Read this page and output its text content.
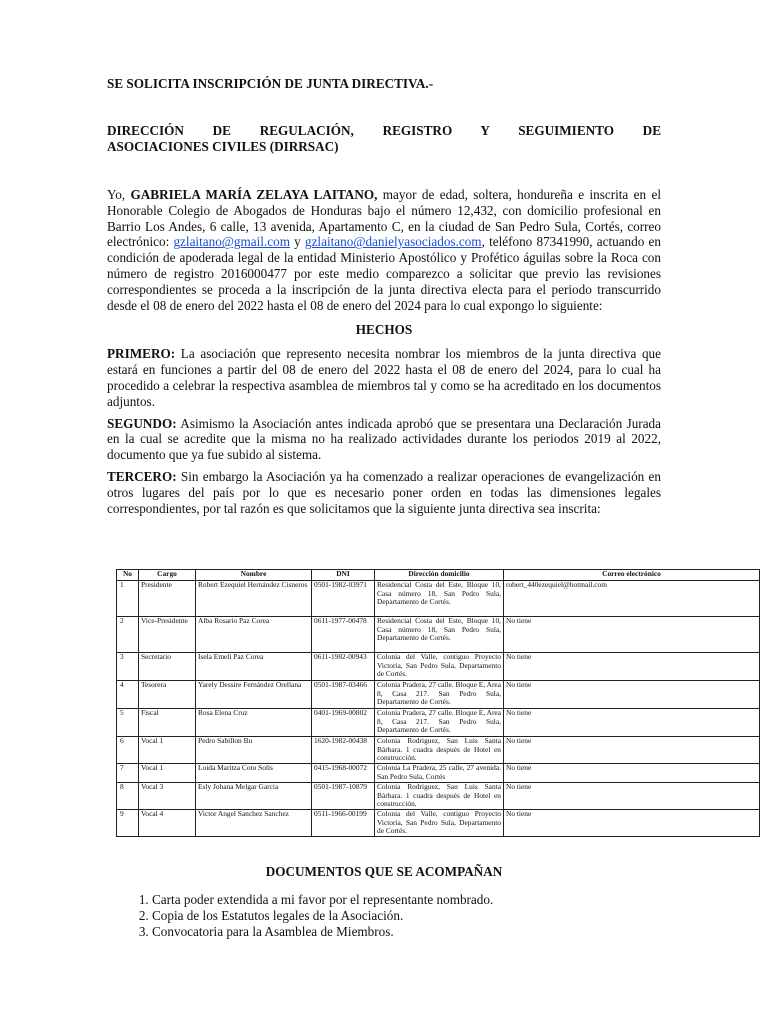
SE SOLICITA INSCRIPCIÓN DE JUNTA DIRECTIVA.-

DIRECCIÓN DE REGULACIÓN, REGISTRO Y SEGUIMIENTO DE

ASOCIACIONES CIVILES (DIRRSAC)

Yo, GABRIELA MARÍA ZELAYA LAITANO, mayor de edad, soltera, hondureña e inscrita en el Honorable Colegio de Abogados de Honduras bajo el número 12,432, con domicilio profesional en Barrio Los Andes, 6 calle, 13 avenida, Apartamento C, en la ciudad de San Pedro Sula, Cortés, correo electrónico: gzlaitano@gmail.com y gzlaitano@danielyasociados.com, teléfono 87341990, actuando en condición de apoderada legal de la entidad Ministerio Apostólico y Profético águilas sobre la Roca con número de registro 2016000477 por este medio comparezco a solicitar que previo las revisiones correspondientes se proceda a la inscripción de la junta directiva electa para el periodo transcurrido desde el 08 de enero del 2022 hasta el 08 de enero del 2024 para lo cual expongo lo siguiente:

HECHOS

PRIMERO: La asociación que represento necesita nombrar los miembros de la junta directiva que estará en funciones a partir del 08 de enero del 2022 hasta el 08 de enero del 2024, para lo cual ha procedido a celebrar la respectiva asamblea de miembros tal y como se ha acreditado en los documentos adjuntos.

SEGUNDO: Asimismo la Asociación antes indicada aprobó que se presentara una Declaración Jurada en la cual se acredite que la misma no ha realizado actividades durante los periodos 2019 al 2022, documento que ya fue subido al sistema.

TERCERO: Sin embargo la Asociación ya ha comenzado a realizar operaciones de evangelización en otros lugares del país por lo que es necesario poner orden en todas las dimensiones legales correspondientes, por tal razón es que solicitamos que la siguiente junta directiva sea inscrita:

No	Cargo	Nombre	DNI	Dirección domicilio	Correo electrónico
1	Presidente	Robert Ezequiel Hernández Cisneros	0501-1982-03971	Residencial Costa del Este, Bloque 10, Casa número 18, San Pedro Sula, Departamento de Cortés.	robert_440ezequiel@hotmail.com
2	Vice-Presidente	Alba Rosario Paz Corea	0611-1977-00478	Residencial Costa del Este, Bloque 10, Casa número 18, San Pedro Sula, Departamento de Cortés.	No tiene
3	Secretario	Isela Emeli Paz Corea	0611-1982-00943	Colonia del Valle, contiguo Proyecto Victoria, San Pedro Sula, Departamento de Cortés.	No tiene
4	Tesorera	Yarely Dessire Fernández Orellana	0501-1987-03466	Colonia Pradera, 27 calle. Bloque E, Area 8, Casa 217. San Pedro Sula, Departamento de Cortés.	No tiene
5	Fiscal	Rosa Elena Cruz	0401-1969-00802	Colonia Pradera, 27 calle. Bloque E, Area 8, Casa 217. San Pedro Sula, Departamento de Cortés.	No tiene
6	Vocal 1	Pedro Sabillon Bu	1620-1982-00438	Colonia Rodriguez, San Luis Santa Bárbara. 1 cuadra después de Hotel en construcción.	No tiene
7	Vocal 1	Loida Maritza Coto Solis	0415-1968-00072	Colonia La Pradera, 25 calle, 27 avenida. San Pedro Sula, Cortés	No tiene
8	Vocal 3	Esly Johana Melgar Garcia	0501-1987-10879	Colonia Rodriguez, San Luis Santa Bárbara. 1 cuadra después de Hotel en construcción.	No tiene
9	Vocal 4	Victor Angel Sanchez Sanchez	0511-1966-00199	Colonia del Valle, contiguo Proyecto Victoria, San Pedro Sula, Departamento de Cortés.	No tiene

DOCUMENTOS QUE SE ACOMPAÑAN

1. Carta poder extendida a mi favor por el representante nombrado.
2. Copia de los Estatutos legales de la Asociación.
3. Convocatoria para la Asamblea de Miembros.
